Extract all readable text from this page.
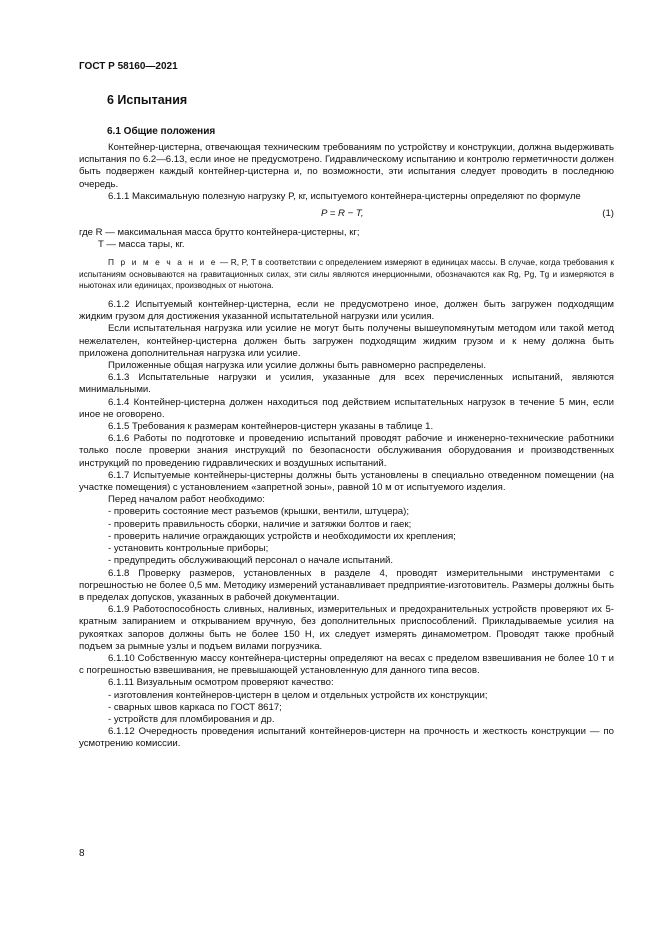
ГОСТ Р 58160—2021
6 Испытания
6.1 Общие положения

Контейнер-цистерна, отвечающая техническим требованиям по устройству и конструкции, должна выдерживать испытания по 6.2—6.13, если иное не предусмотрено. Гидравлическому испытанию и контролю герметичности должен быть подвержен каждый контейнер-цистерна и, по возможности, эти испытания следует проводить в последнюю очередь.

6.1.1 Максимальную полезную нагрузку P, кг, испытуемого контейнера-цистерны определяют по формуле

P = R − T,	(1)
где R — максимальная масса брутто контейнера-цистерны, кг;
T — масса тары, кг.
П р и м е ч а н и е — R, P, T в соответствии с определением измеряют в единицах массы. В случае, когда требования к испытаниям основываются на гравитационных силах, эти силы являются инерционными, обозначаются как Rg, Pg, Tg и измеряются в ньютонах или единицах, производных от ньютона.

6.1.2 Испытуемый контейнер-цистерна, если не предусмотрено иное, должен быть загружен подходящим жидким грузом для достижения указанной испытательной нагрузки или усилия.

Если испытательная нагрузка или усилие не могут быть получены вышеупомянутым методом или такой метод нежелателен, контейнер-цистерна должен быть загружен подходящим жидким грузом и к нему должна быть приложена дополнительная нагрузка или усилие.

Приложенные общая нагрузка или усилие должны быть равномерно распределены.

6.1.3 Испытательные нагрузки и усилия, указанные для всех перечисленных испытаний, являются минимальными.

6.1.4 Контейнер-цистерна должен находиться под действием испытательных нагрузок в течение 5 мин, если иное не оговорено.

6.1.5 Требования к размерам контейнеров-цистерн указаны в таблице 1.

6.1.6 Работы по подготовке и проведению испытаний проводят рабочие и инженерно-технические работники только после проверки знания инструкций по безопасности обслуживания оборудования и производственных инструкций по проведению гидравлических и воздушных испытаний.

6.1.7 Испытуемые контейнеры-цистерны должны быть установлены в специально отведенном помещении (на участке помещения) с установлением «запретной зоны», равной 10 м от испытуемого изделия.

Перед началом работ необходимо:

- проверить состояние мест разъемов (крышки, вентили, штуцера);

- проверить правильность сборки, наличие и затяжки болтов и гаек;

- проверить наличие ограждающих устройств и необходимости их крепления;

- установить контрольные приборы;

- предупредить обслуживающий персонал о начале испытаний.

6.1.8 Проверку размеров, установленных в разделе 4, проводят измерительными инструментами с погрешностью не более 0,5 мм. Методику измерений устанавливает предприятие-изготовитель. Размеры должны быть в пределах допусков, указанных в рабочей документации.

6.1.9 Работоспособность сливных, наливных, измерительных и предохранительных устройств проверяют их 5-кратным запиранием и открыванием вручную, без дополнительных приспособлений. Прикладываемые усилия на рукоятках запоров должны быть не более 150 Н, их следует измерять динамометром. Проводят также пробный подъем за рымные узлы и подъем вилами погрузчика.

6.1.10 Собственную массу контейнера-цистерны определяют на весах с пределом взвешивания не более 10 т и с погрешностью взвешивания, не превышающей установленную для данного типа весов.

6.1.11 Визуальным осмотром проверяют качество:

- изготовления контейнеров-цистерн в целом и отдельных устройств их конструкции;

- сварных швов каркаса по ГОСТ 8617;

- устройств для пломбирования и др.

6.1.12 Очередность проведения испытаний контейнеров-цистерн на прочность и жесткость конструкции — по усмотрению комиссии.

8
